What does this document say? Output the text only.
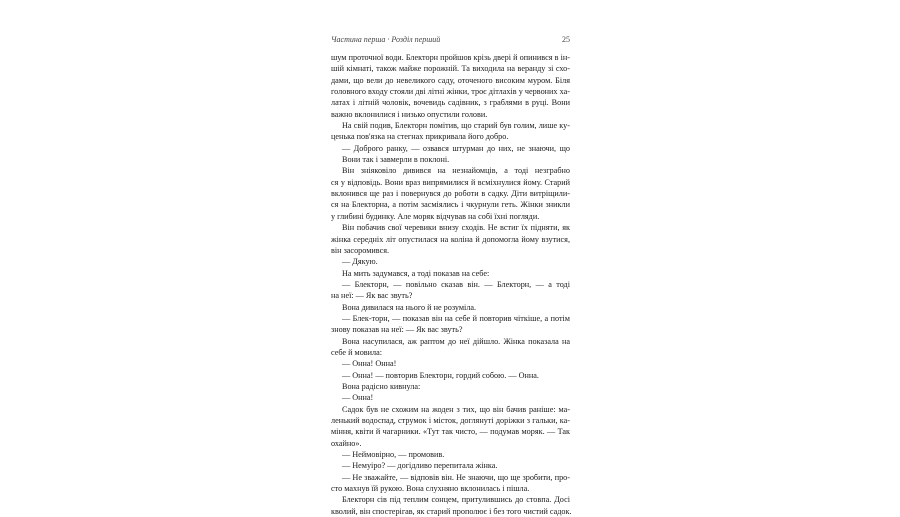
Частина перша · Розділ перший	25
шум проточної води. Блекторн пройшов крізь двері й опинився в ін-
шій кімнаті, також майже порожній. Та виходила на веранду зі схо-
дами, що вели до невеликого саду, оточеного високим муром. Біля
головного входу стояли дві літні жінки, троє дітлахів у червоних ха-
латах і літній чоловік, вочевидь садівник, з граблями в руці. Вони
важно вклонилися і низько опустили голови.
На свій подив, Блекторн помітив, що старий був голим, лише ку-
ценька пов'язка на стегнах прикривала його добро.
— Доброго ранку, — озвався штурман до них, не знаючи, що
Вони так і завмерли в поклоні.
Він зніяковіло дивився на незнайомців, а тоді незграбно
ся у відповідь. Вони враз випрямилися й всміхнулися йому. Старий
вклонився ще раз і повернувся до роботи в садку. Діти витріщили-
ся на Блекторна, а потім засміялись і чкурнули геть. Жінки зникли
у глибині будинку. Але моряк відчував на собі їхні погляди.
Він побачив свої черевики внизу сходів. Не встиг їх підняти, як
жінка середніх літ опустилася на коліна й допомогла йому взутися,
він засоромився.
— Дякую.
На мить задумався, а тоді показав на себе:
— Блекторн, — повільно сказав він. — Блекторн, — а тоді
на неї: — Як вас звуть?
Вона дивилася на нього й не розуміла.
— Блек-торн, — показав він на себе й повторив чіткіше, а потім
знову показав на неї: — Як вас звуть?
Вона насупилася, аж раптом до неї дійшло. Жінка показала на
себе й мовила:
— Онна! Онна!
— Онна! — повторив Блекторн, гордий собою. — Онна.
Вона радісно кивнула:
— Онна!
Садок був не схожим на жоден з тих, що він бачив раніше: ма-
ленький водоспад, струмок і місток, доглянуті доріжки з гальки, ка-
міння, квіти й чагарники. «Тут так чисто, — подумав моряк. — Так
охайно».
— Неймовірно, — промовив.
— Немуіро? — догідливо перепитала жінка.
— Не зважайте, — відповів він. Не знаючи, що ще зробити, про-
сто махнув їй рукою. Вона слухняно вклонилась і пішла.
Блекторн сів під теплим сонцем, притулившись до стовпа. Досі
кволий, він спостерігав, як старий прополює і без того чистий садок.
